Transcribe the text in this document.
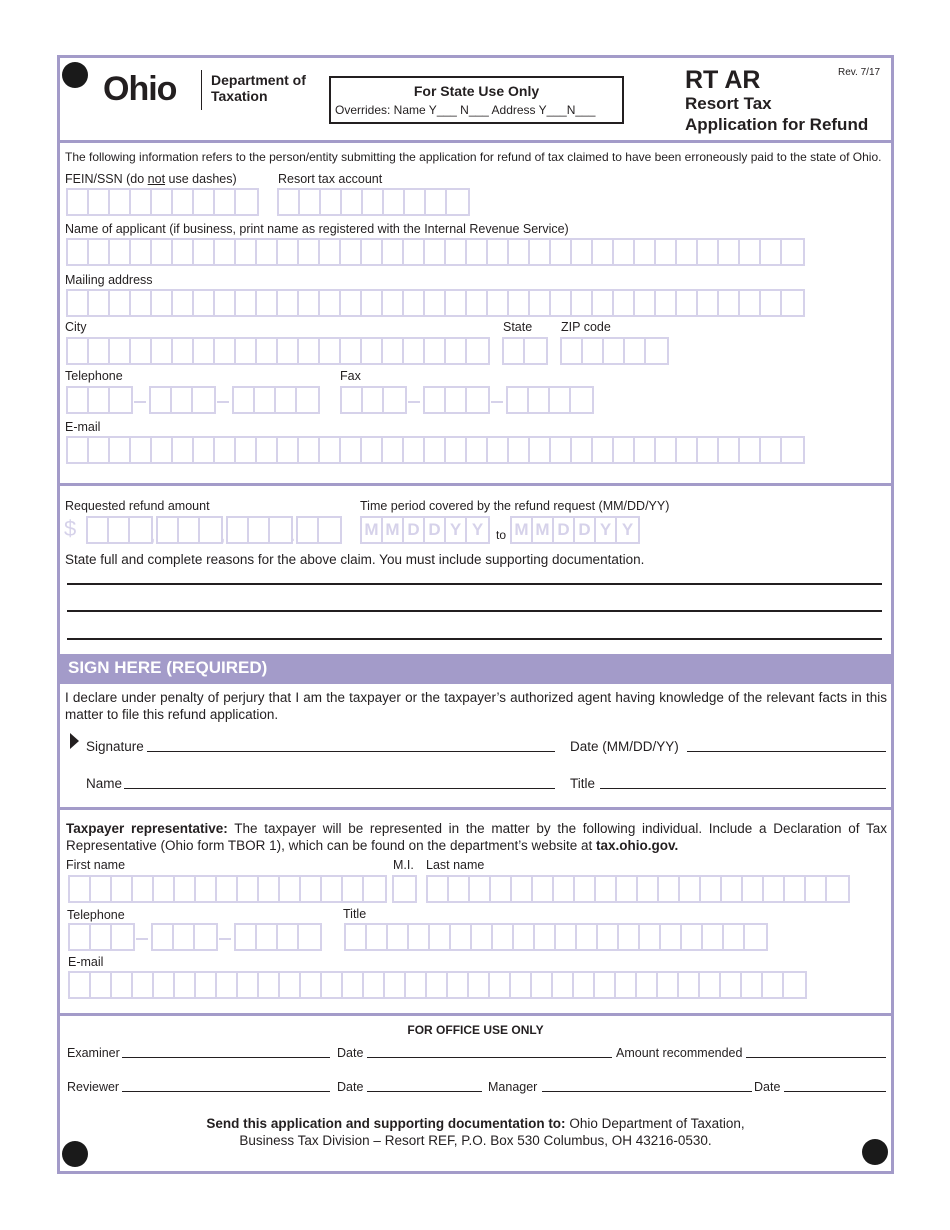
Ohio Department of Taxation	For State Use Only
Overrides: Name Y___ N___ Address Y___N___
RT AR	Rev. 7/17
Resort Tax
Application for Refund
The following information refers to the person/entity submitting the application for refund of tax claimed to have been erroneously paid to the state of Ohio.
FEIN/SSN (do not use dashes)	Resort tax account
Name of applicant (if business, print name as registered with the Internal Revenue Service)
Mailing address
City	State ZIP code
Telephone	Fax
E-mail
Requested refund amount	Time period covered by the refund request (MM/DD/YY)
$	,	,	.	M M D D Y Y	to M M D D Y Y
State full and complete reasons for the above claim. You must include supporting documentation.
SIGN HERE (REQUIRED)
I declare under penalty of perjury that I am the taxpayer or the taxpayer’s authorized agent having knowledge of the relevant facts in this matter to file this refund application.
Signature	Date (MM/DD/YY)
Name	Title
Taxpayer representative: The taxpayer will be represented in the matter by the following individual. Include a Declaration of Tax Representative (Ohio form TBOR 1), which can be found on the department’s website at tax.ohio.gov.
First name	M.I. Last name
Telephone	Title
E-mail
FOR OFFICE USE ONLY
Examiner	Date	Amount recommended
Reviewer	Date	Manager	Date
Send this application and supporting documentation to: Ohio Department of Taxation,
Business Tax Division – Resort REF, P.O. Box 530 Columbus, OH 43216-0530.
